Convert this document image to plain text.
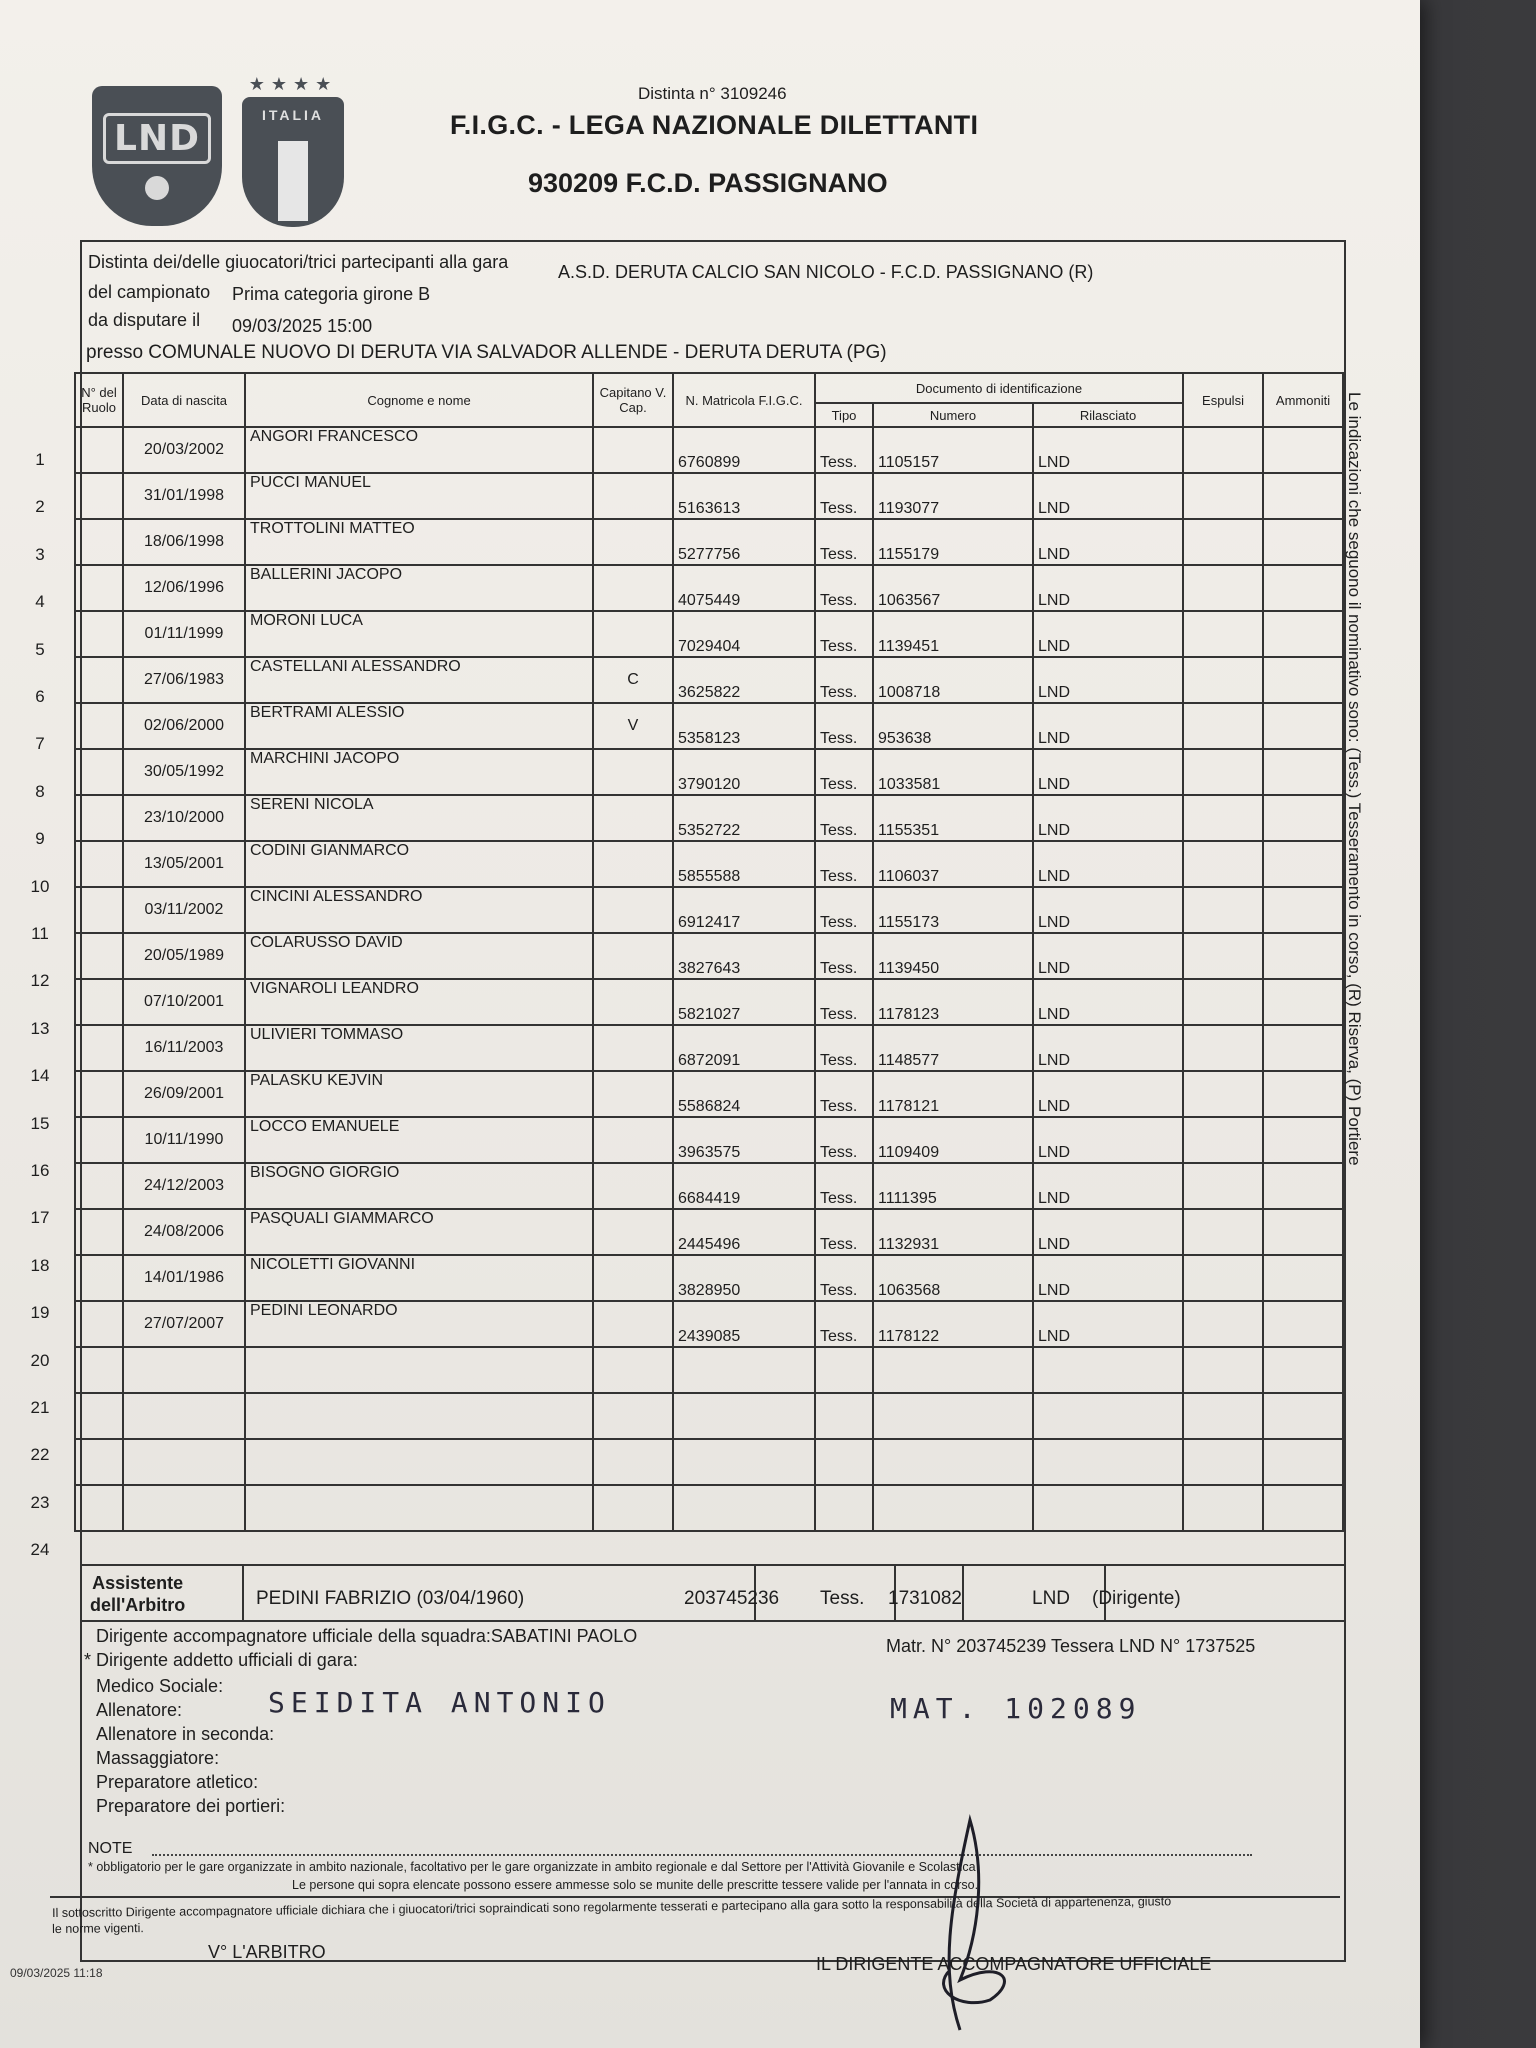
LND
★★★★
ITALIA
Distinta n° 3109246
F.I.G.C. - LEGA NAZIONALE DILETTANTI
930209 F.C.D. PASSIGNANO
Distinta dei/delle giuocatori/trici partecipanti alla gara	A.S.D. DERUTA CALCIO SAN NICOLO - F.C.D. PASSIGNANO (R)
del campionato Prima categoria girone B
da disputare il 09/03/2025 15:00
presso COMUNALE NUOVO DI DERUTA VIA SALVADOR ALLENDE - DERUTA DERUTA (PG)
N° del Ruolo	Data di nascita	Cognome e nome	Capitano V. Cap.	N. Matricola F.I.G.C.	Documento di identificazione			Espulsi	Ammoniti
					Tipo	Numero	Rilasciato		
	20/03/2002	ANGORI FRANCESCO		6760899	Tess.	1105157	LND		
	31/01/1998	PUCCI MANUEL		5163613	Tess.	1193077	LND		
	18/06/1998	TROTTOLINI MATTEO		5277756	Tess.	1155179	LND		
	12/06/1996	BALLERINI JACOPO		4075449	Tess.	1063567	LND		
	01/11/1999	MORONI LUCA		7029404	Tess.	1139451	LND		
	27/06/1983	CASTELLANI ALESSANDRO	C	3625822	Tess.	1008718	LND		
	02/06/2000	BERTRAMI ALESSIO	V	5358123	Tess.	953638	LND		
	30/05/1992	MARCHINI JACOPO		3790120	Tess.	1033581	LND		
	23/10/2000	SERENI NICOLA		5352722	Tess.	1155351	LND		
	13/05/2001	CODINI GIANMARCO		5855588	Tess.	1106037	LND		
	03/11/2002	CINCINI ALESSANDRO		6912417	Tess.	1155173	LND		
	20/05/1989	COLARUSSO DAVID		3827643	Tess.	1139450	LND		
	07/10/2001	VIGNAROLI LEANDRO		5821027	Tess.	1178123	LND		
	16/11/2003	ULIVIERI TOMMASO		6872091	Tess.	1148577	LND		
	26/09/2001	PALASKU KEJVIN		5586824	Tess.	1178121	LND		
	10/11/1990	LOCCO EMANUELE		3963575	Tess.	1109409	LND		
	24/12/2003	BISOGNO GIORGIO		6684419	Tess.	1111395	LND		
	24/08/2006	PASQUALI GIAMMARCO		2445496	Tess.	1132931	LND		
	14/01/1986	NICOLETTI GIOVANNI		3828950	Tess.	1063568	LND		
	27/07/2007	PEDINI LEONARDO		2439085	Tess.	1178122	LND		

1
2
3
4
5
6
7
8
9
10
11
12
13
14
15
16
17
18
19
20
21
22
23
24
Le indicazioni che seguono il nominativo sono: (Tess.) Tesseramento in corso, (R) Riserva, (P) Portiere
Assistente
dell'Arbitro	PEDINI FABRIZIO (03/04/1960)	203745236 Tess. 1731082	LND (Dirigente)
Dirigente accompagnatore ufficiale della squadra:SABATINI PAOLO	Matr. N° 203745239 Tessera LND N° 1737525
* Dirigente addetto ufficiali di gara:
Medico Sociale:
Allenatore:	SEIDITA ANTONIO	MAT. 102089
Allenatore in seconda:
Massaggiatore:
Preparatore atletico:
Preparatore dei portieri:
NOTE
* obbligatorio per le gare organizzate in ambito nazionale, facoltativo per le gare organizzate in ambito regionale e dal Settore per l'Attività Giovanile e Scolastica
Le persone qui sopra elencate possono essere ammesse solo se munite delle prescritte tessere valide per l'annata in corso.
Il sottoscritto Dirigente accompagnatore ufficiale dichiara che i giuocatori/trici sopraindicati sono regolarmente tesserati e partecipano alla gara sotto la responsabilità della Società di appartenenza, giusto
le norme vigenti.
V° L'ARBITRO
IL DIRIGENTE ACCOMPAGNATORE UFFICIALE
09/03/2025 11:18
